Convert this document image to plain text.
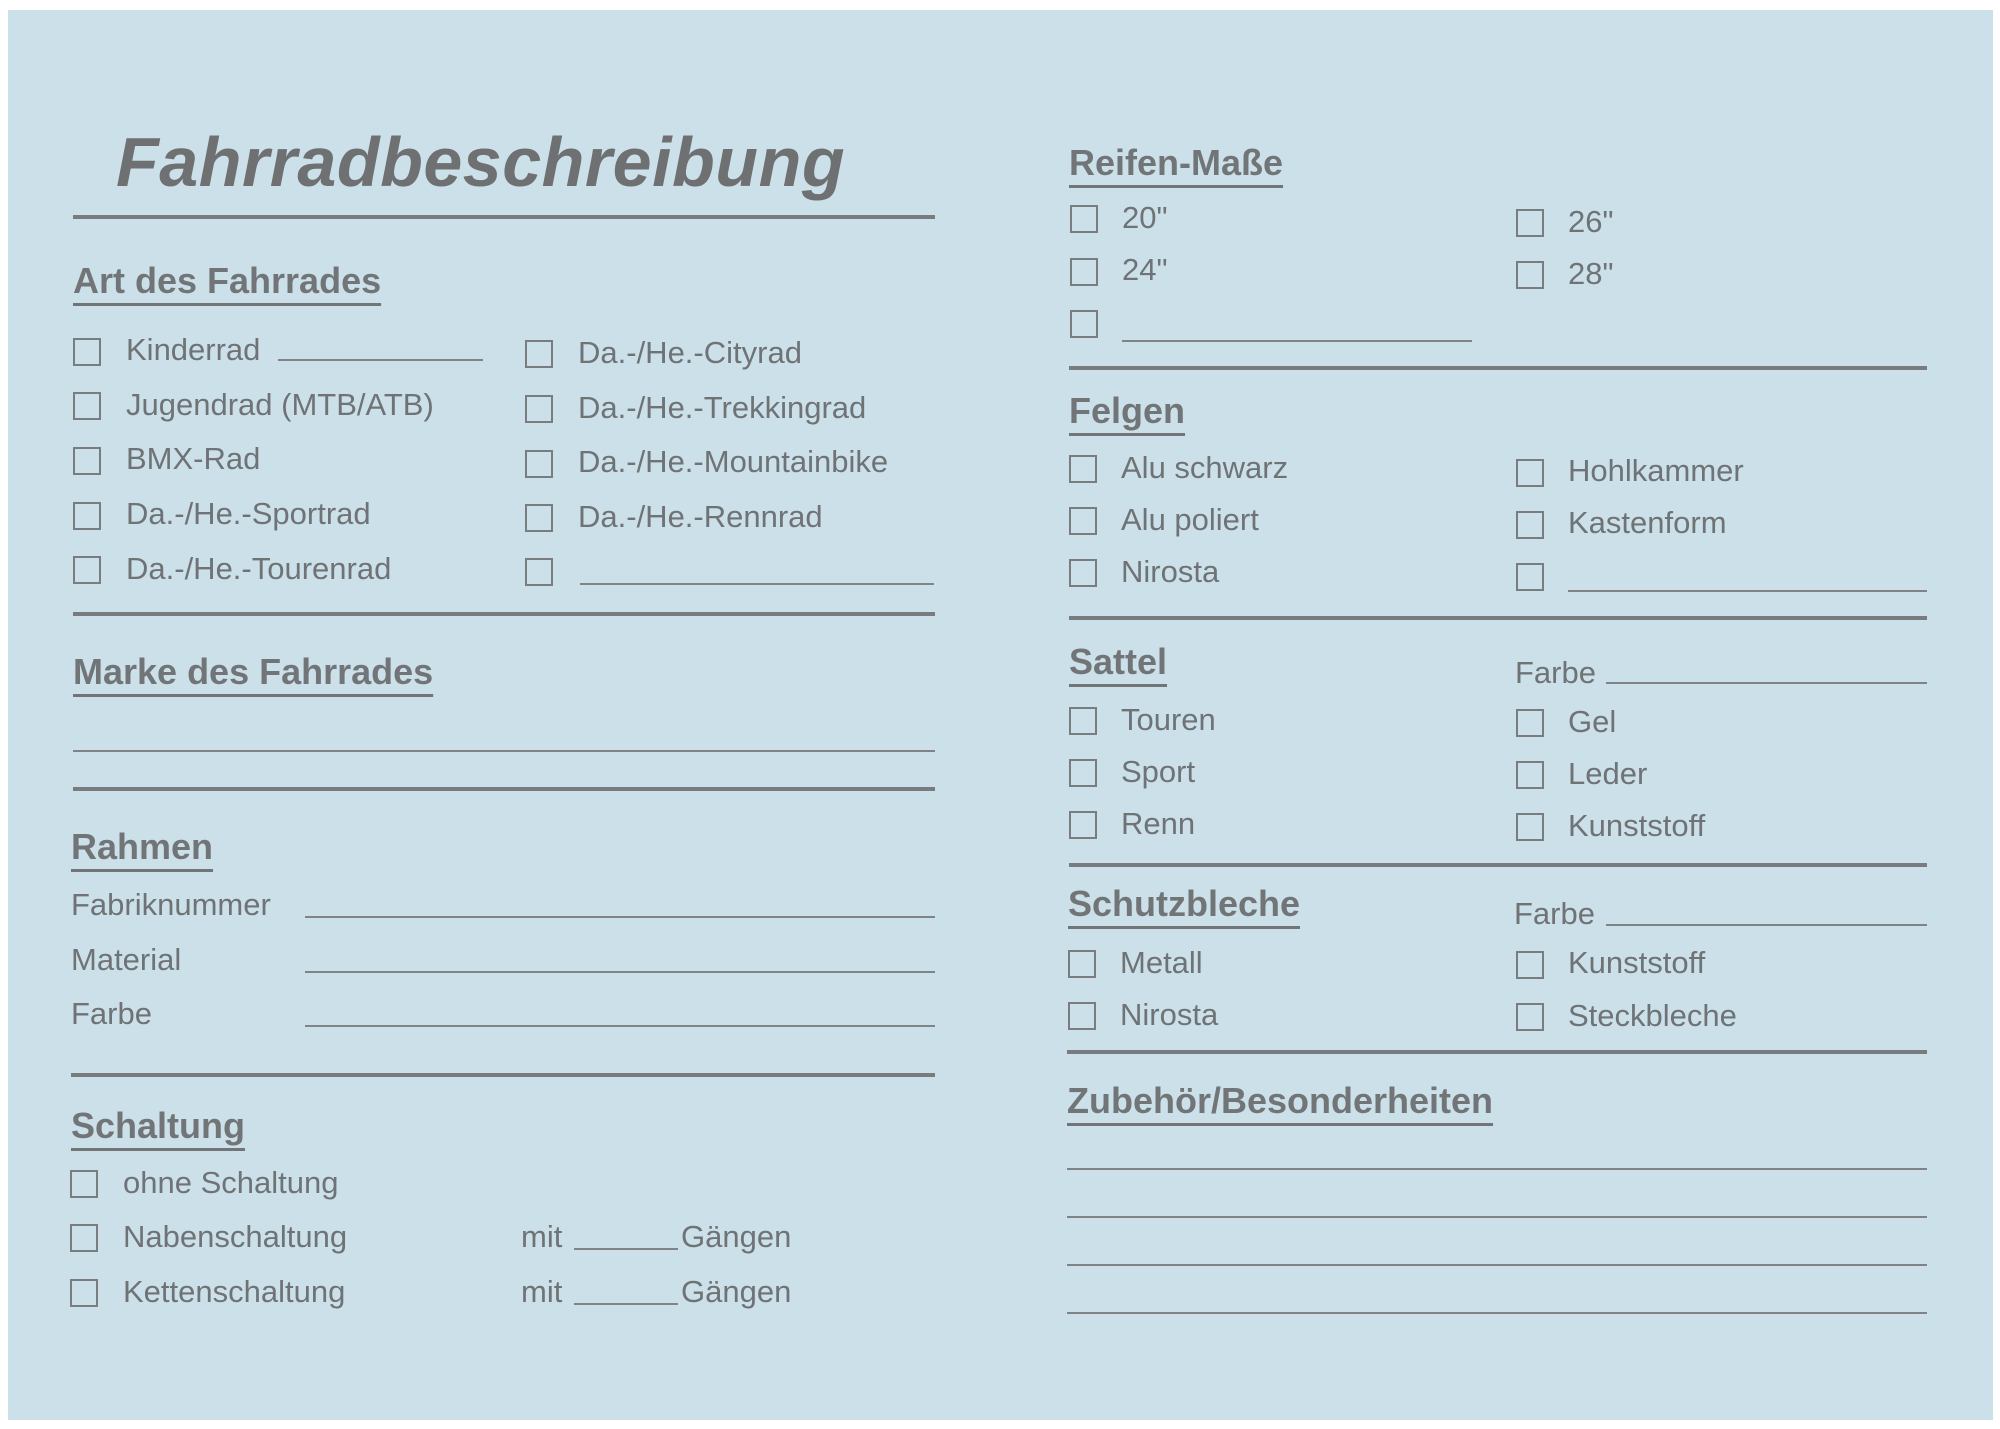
Fahrradbeschreibung
Art des Fahrrades
Kinderrad
Jugendrad (MTB/ATB)
BMX-Rad
Da.-/He.-Sportrad
Da.-/He.-Tourenrad
Da.-/He.-Cityrad
Da.-/He.-Trekkingrad
Da.-/He.-Mountainbike
Da.-/He.-Rennrad
Marke des Fahrrades
Rahmen
Fabriknummer
Material
Farbe
Schaltung
ohne Schaltung
Nabenschaltung	mit	Gängen
Kettenschaltung	mit	Gängen
Reifen-Maße
20"
24"
26"
28"
Felgen
Alu schwarz
Alu poliert
Nirosta
Hohlkammer
Kastenform
Sattel	Farbe
Touren
Sport
Renn
Gel
Leder
Kunststoff
Schutzbleche	Farbe
Metall
Nirosta
Kunststoff
Steckbleche
Zubehör/Besonderheiten
